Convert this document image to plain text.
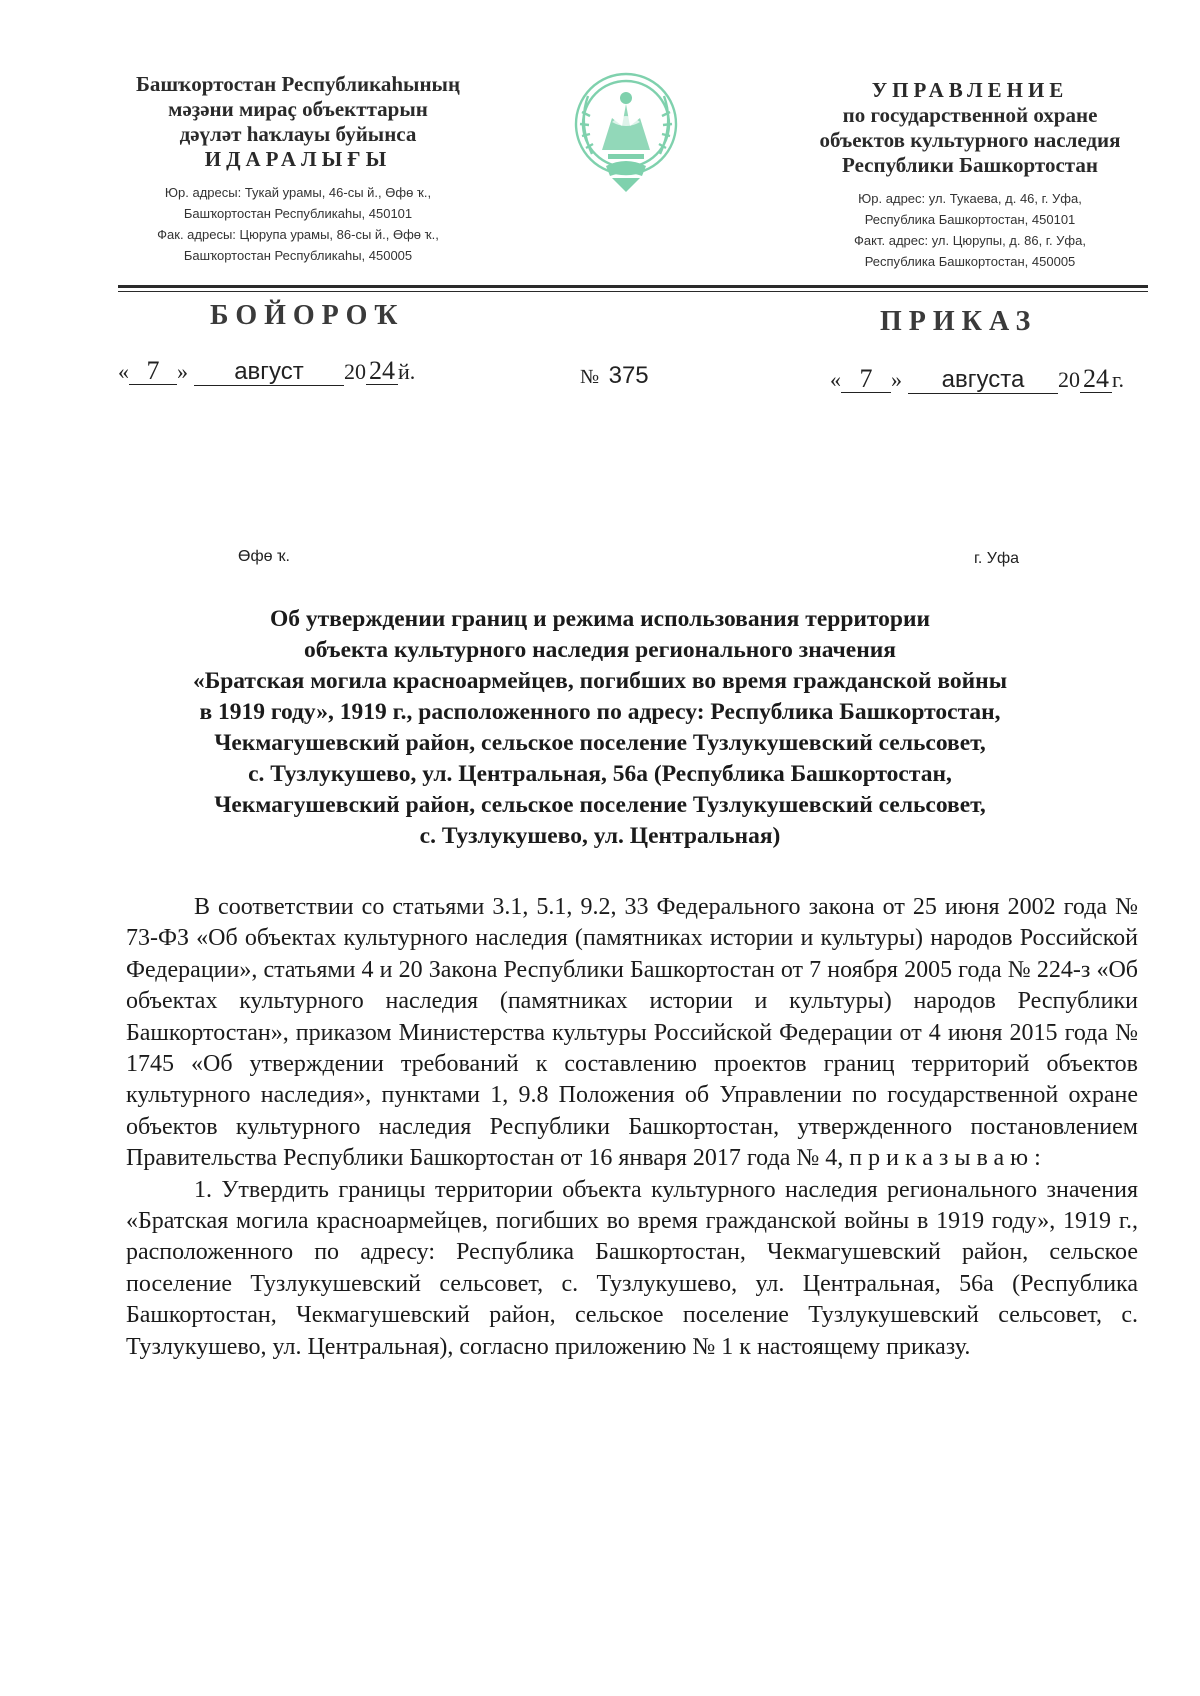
Башҡортостан Республикаһының
мәҙәни мираҫ объекттарын
дәүләт һаҡлауы буйынса
ИДАРАЛЫҒЫ
Юр. адресы: Тукай урамы, 46-сы й., Өфө ҡ.,
Башҡортостан Республикаһы, 450101
Фак. адресы: Цюрупа урамы, 86-сы й., Өфө ҡ.,
Башҡортостан Республикаһы, 450005
УПРАВЛЕНИЕ
по государственной охране
объектов культурного наследия
Республики Башкортостан
Юр. адрес: ул. Тукаева, д. 46, г. Уфа,
Республика Башкортостан, 450101
Факт. адрес: ул. Цюрупы, д. 86, г. Уфа,
Республика Башкортостан, 450005
БОЙОРОҠ	ПРИКАЗ
« 7 » август 20 24 й.	№ 375	« 7 » августа 20 24 г.
Өфө ҡ.	г. Уфа
Об утверждении границ и режима использования территории
объекта культурного наследия регионального значения
«Братская могила красноармейцев, погибших во время гражданской войны
в 1919 году», 1919 г., расположенного по адресу: Республика Башкортостан,
Чекмагушевский район, сельское поселение Тузлукушевский сельсовет,
с. Тузлукушево, ул. Центральная, 56а (Республика Башкортостан,
Чекмагушевский район, сельское поселение Тузлукушевский сельсовет,
с. Тузлукушево, ул. Центральная)

В соответствии со статьями 3.1, 5.1, 9.2, 33 Федерального закона от 25 июня 2002 года № 73-ФЗ «Об объектах культурного наследия (памятниках истории и культуры) народов Российской Федерации», статьями 4 и 20 Закона Республики Башкортостан от 7 ноября 2005 года № 224-з «Об объектах культурного наследия (памятниках истории и культуры) народов Республики Башкортостан», приказом Министерства культуры Российской Федерации от 4 июня 2015 года № 1745 «Об утверждении требований к составлению проектов границ территорий объектов культурного наследия», пунктами 1, 9.8 Положения об Управлении по государственной охране объектов культурного наследия Республики Башкортостан, утвержденного постановлением Правительства Республики Башкортостан от 16 января 2017 года № 4, приказываю:

1. Утвердить границы территории объекта культурного наследия регионального значения «Братская могила красноармейцев, погибших во время гражданской войны в 1919 году», 1919 г., расположенного по адресу: Республика Башкортостан, Чекмагушевский район, сельское поселение Тузлукушевский сельсовет, с. Тузлукушево, ул. Центральная, 56а (Республика Башкортостан, Чекмагушевский район, сельское поселение Тузлукушевский сельсовет, с. Тузлукушево, ул. Центральная), согласно приложению № 1 к настоящему приказу.
